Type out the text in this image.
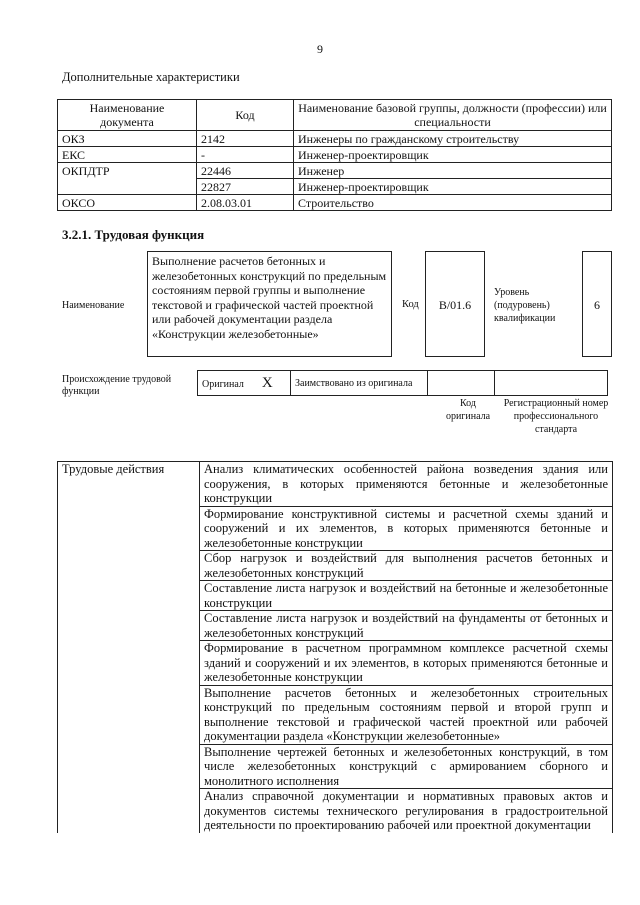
9
Дополнительные характеристики
Наименование документа	Код	Наименование базовой группы, должности (профессии) или специальности
ОКЗ	2142	Инженеры по гражданскому строительству
ЕКС	-	Инженер-проектировщик
ОКПДТР	22446	Инженер
	22827	Инженер-проектировщик
ОКСО	2.08.03.01	Строительство
3.2.1. Трудовая функция
Наименование
Выполнение расчетов бетонных и железобетонных конструкций по предельным состояниям первой группы и выполнение текстовой и графической частей проектной или рабочей документации раздела «Конструкции железобетонные»
Код	B/01.6
Уровень (подуровень) квалификации
6
Происхождение трудовой функции
Оригинал X	Заимствовано из оригинала		
Код оригинала
Регистрационный номер профессионального стандарта
Трудовые действия	Анализ климатических особенностей района возведения здания или сооружения, в которых применяются бетонные и железобетонные конструкции
	Формирование конструктивной системы и расчетной схемы зданий и сооружений и их элементов, в которых применяются бетонные и железобетонные конструкции
	Сбор нагрузок и воздействий для выполнения расчетов бетонных и железобетонных конструкций
	Составление листа нагрузок и воздействий на бетонные и железобетонные конструкции
	Составление листа нагрузок и воздействий на фундаменты от бетонных и железобетонных конструкций
	Формирование в расчетном программном комплексе расчетной схемы зданий и сооружений и их элементов, в которых применяются бетонные и железобетонные конструкции
	Выполнение расчетов бетонных и железобетонных строительных конструкций по предельным состояниям первой и второй групп и выполнение текстовой и графической частей проектной или рабочей документации раздела «Конструкции железобетонные»
	Выполнение чертежей бетонных и железобетонных конструкций, в том числе железобетонных конструкций с армированием сборного и монолитного исполнения
	Анализ справочной документации и нормативных правовых актов и документов системы технического регулирования в градостроительной деятельности по проектированию рабочей или проектной документации
